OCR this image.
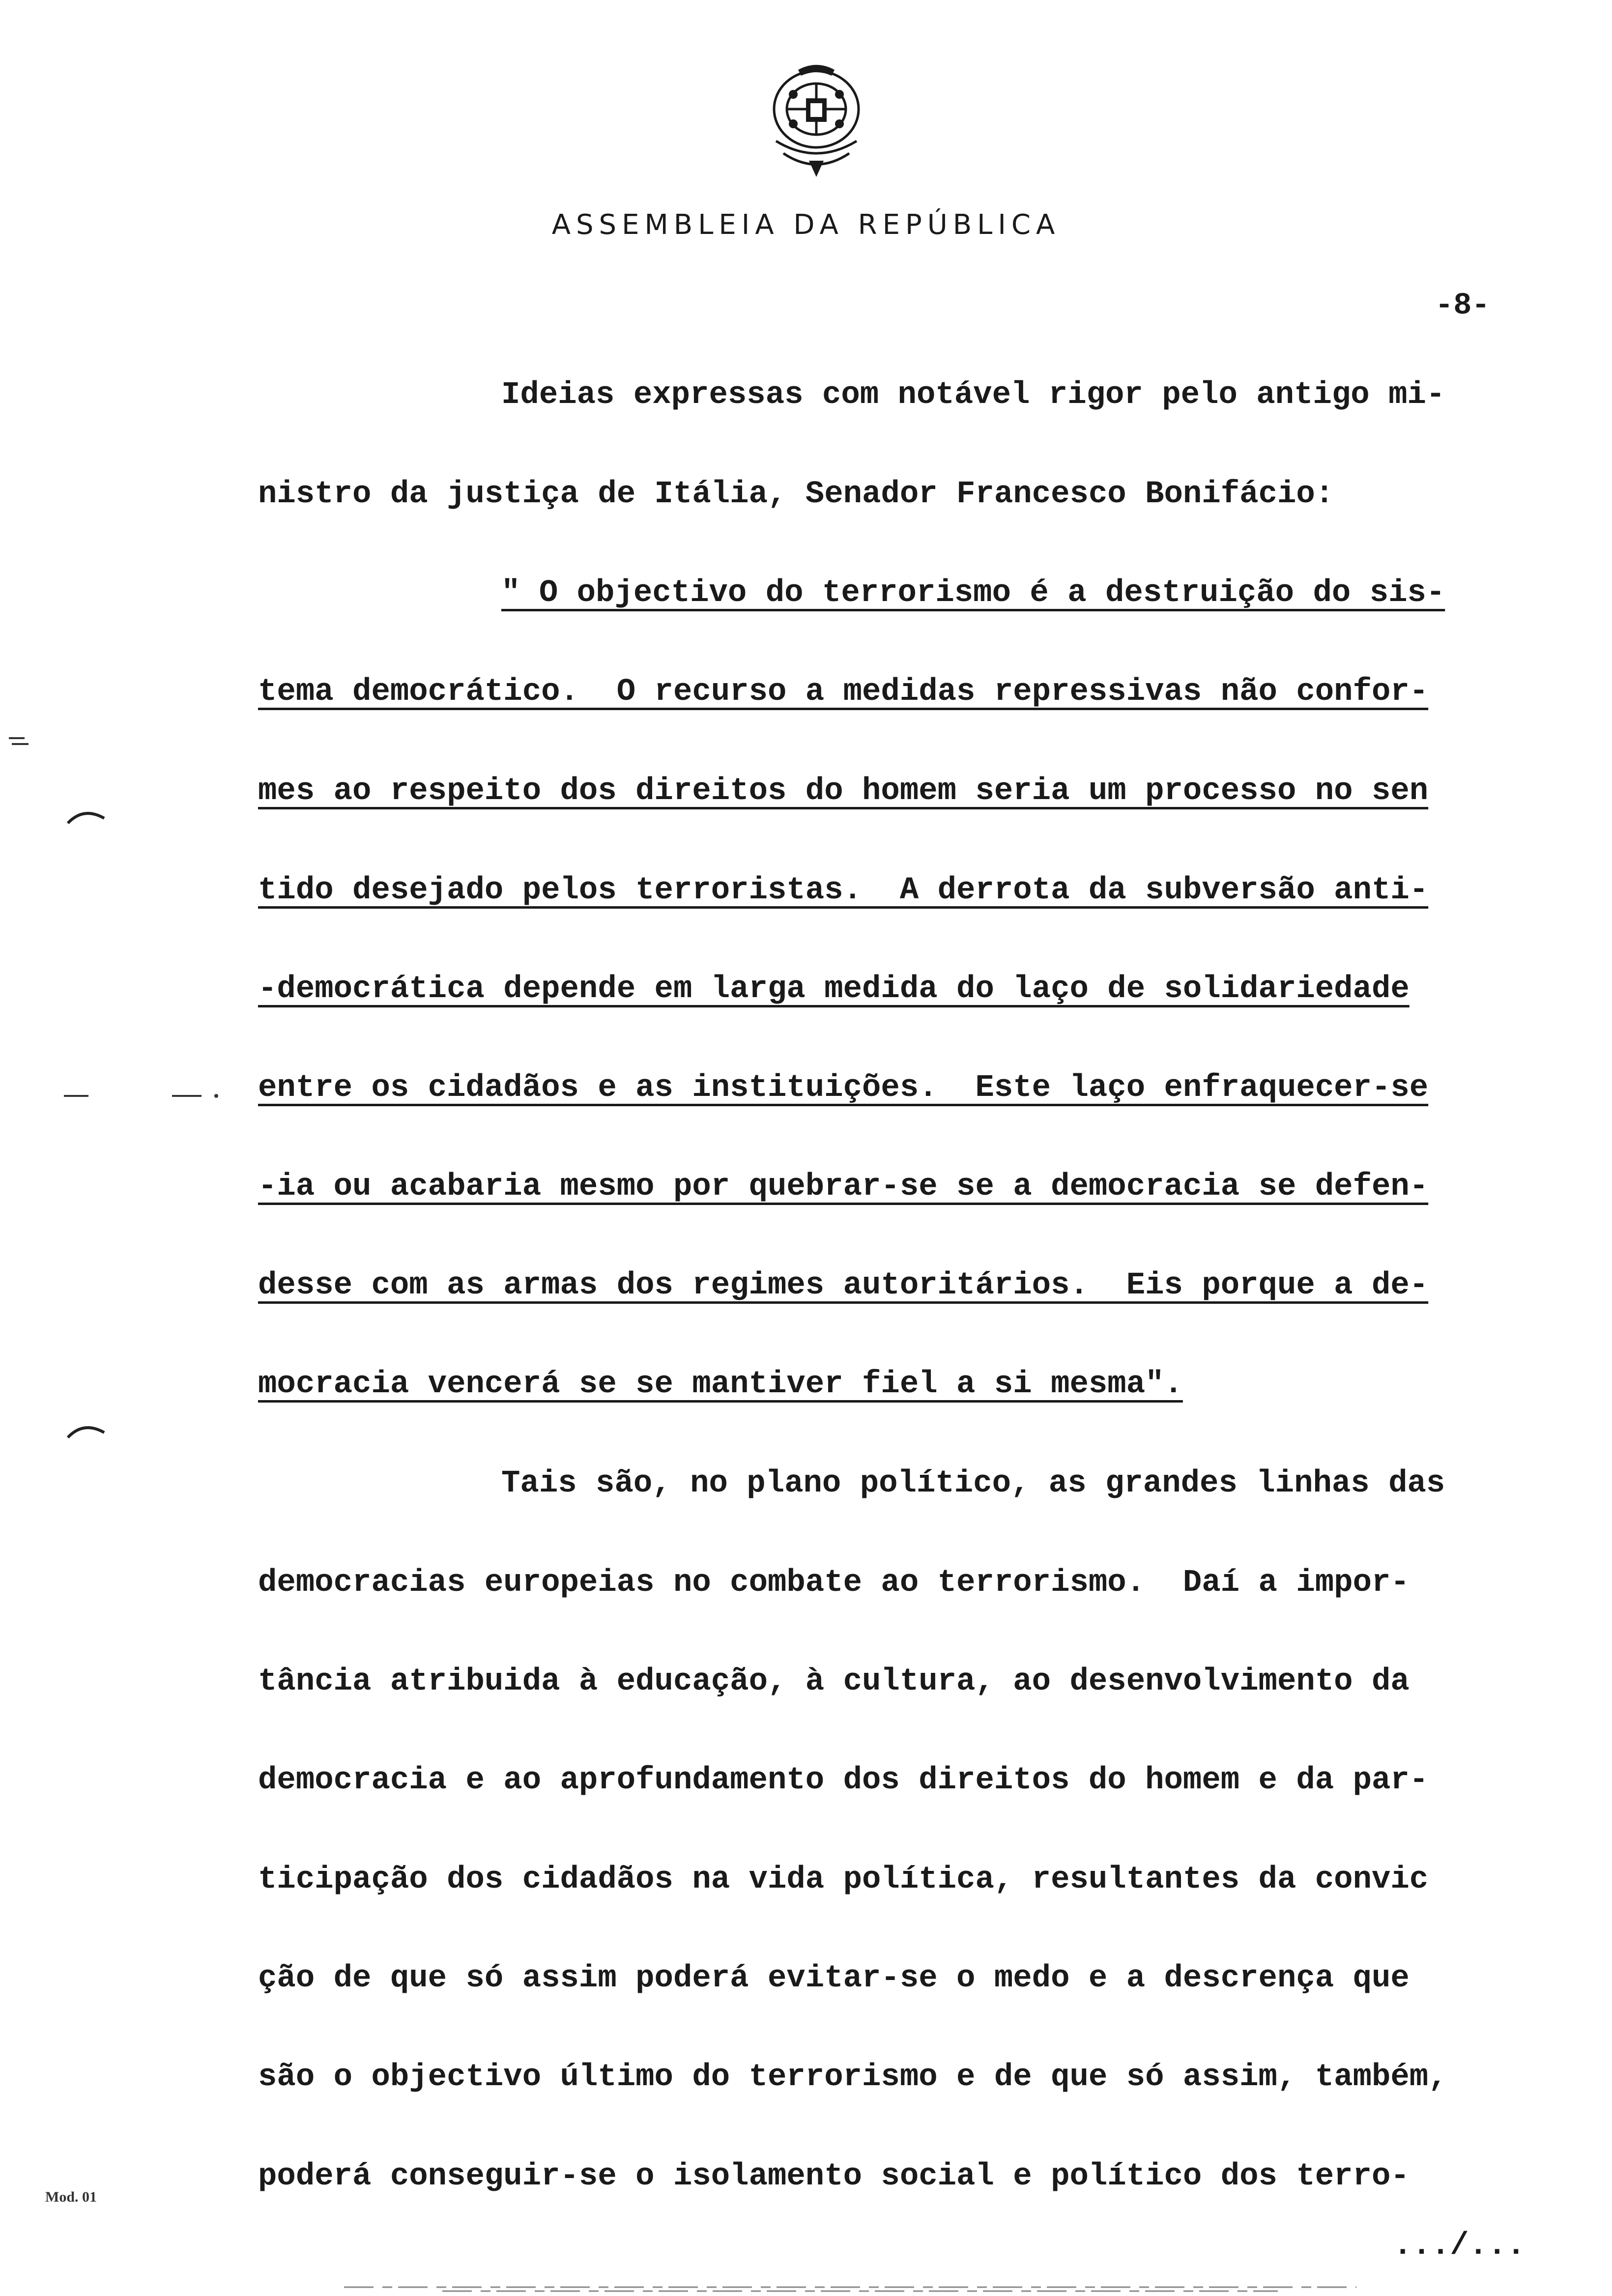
ASSEMBLEIA DA REPÚBLICA
-8-
Ideias expressas com notável rigor pelo antigo mi-
nistro da justiça de Itália, Senador Francesco Bonifácio:
" O objectivo do terrorismo é a destruição do sis-
tema democrático.  O recurso a medidas repressivas não confor-
mes ao respeito dos direitos do homem seria um processo no sen
tido desejado pelos terroristas.  A derrota da subversão anti-
-democrática depende em larga medida do laço de solidariedade
entre os cidadãos e as instituições.  Este laço enfraquecer-se
-ia ou acabaria mesmo por quebrar-se se a democracia se defen-
desse com as armas dos regimes autoritários.  Eis porque a de-
mocracia vencerá se se mantiver fiel a si mesma".
Tais são, no plano político, as grandes linhas das
democracias europeias no combate ao terrorismo.  Daí a impor-
tância atribuida à educação, à cultura, ao desenvolvimento da
democracia e ao aprofundamento dos direitos do homem e da par-
ticipação dos cidadãos na vida política, resultantes da convic
ção de que só assim poderá evitar-se o medo e a descrença que
são o objectivo último do terrorismo e de que só assim, também,
poderá conseguir-se o isolamento social e político dos terro-
Mod. 01
.../...
